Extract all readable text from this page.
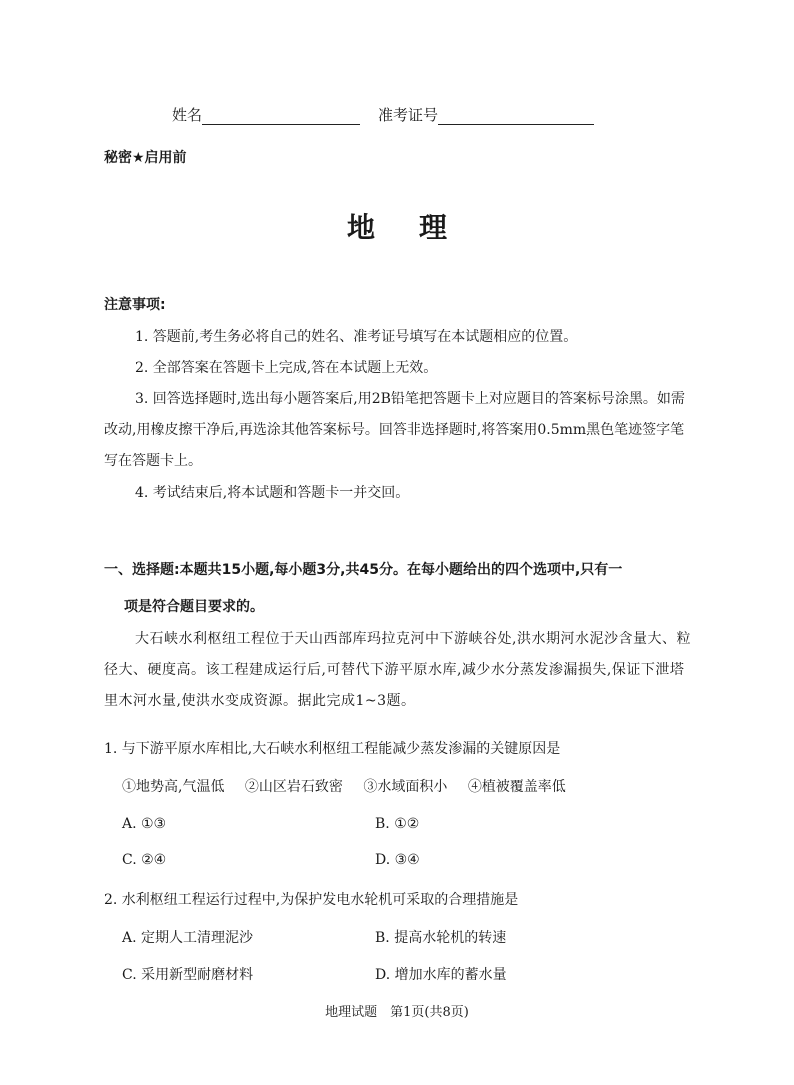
姓名	准考证号
秘密★启用前
地理
注意事项:
1. 答题前,考生务必将自己的姓名、准考证号填写在本试题相应的位置。
2. 全部答案在答题卡上完成,答在本试题上无效。
3. 回答选择题时,选出每小题答案后,用2B铅笔把答题卡上对应题目的答案标号涂黑。如需改动,用橡皮擦干净后,再选涂其他答案标号。回答非选择题时,将答案用0.5mm黑色笔迹签字笔写在答题卡上。
4. 考试结束后,将本试题和答题卡一并交回。
一、选择题:本题共15小题,每小题3分,共45分。在每小题给出的四个选项中,只有一
项是符合题目要求的。
大石峡水利枢纽工程位于天山西部库玛拉克河中下游峡谷处,洪水期河水泥沙含量大、粒径大、硬度高。该工程建成运行后,可替代下游平原水库,减少水分蒸发渗漏损失,保证下泄塔里木河水量,使洪水变成资源。据此完成1~3题。
1. 与下游平原水库相比,大石峡水利枢纽工程能减少蒸发渗漏的关键原因是
①地势高,气温低 ②山区岩石致密 ③水域面积小 ④植被覆盖率低
A. ①③	B. ①②
C. ②④	D. ③④
2. 水利枢纽工程运行过程中,为保护发电水轮机可采取的合理措施是
A. 定期人工清理泥沙	B. 提高水轮机的转速
C. 采用新型耐磨材料	D. 增加水库的蓄水量
地理试题　第1页(共8页)
